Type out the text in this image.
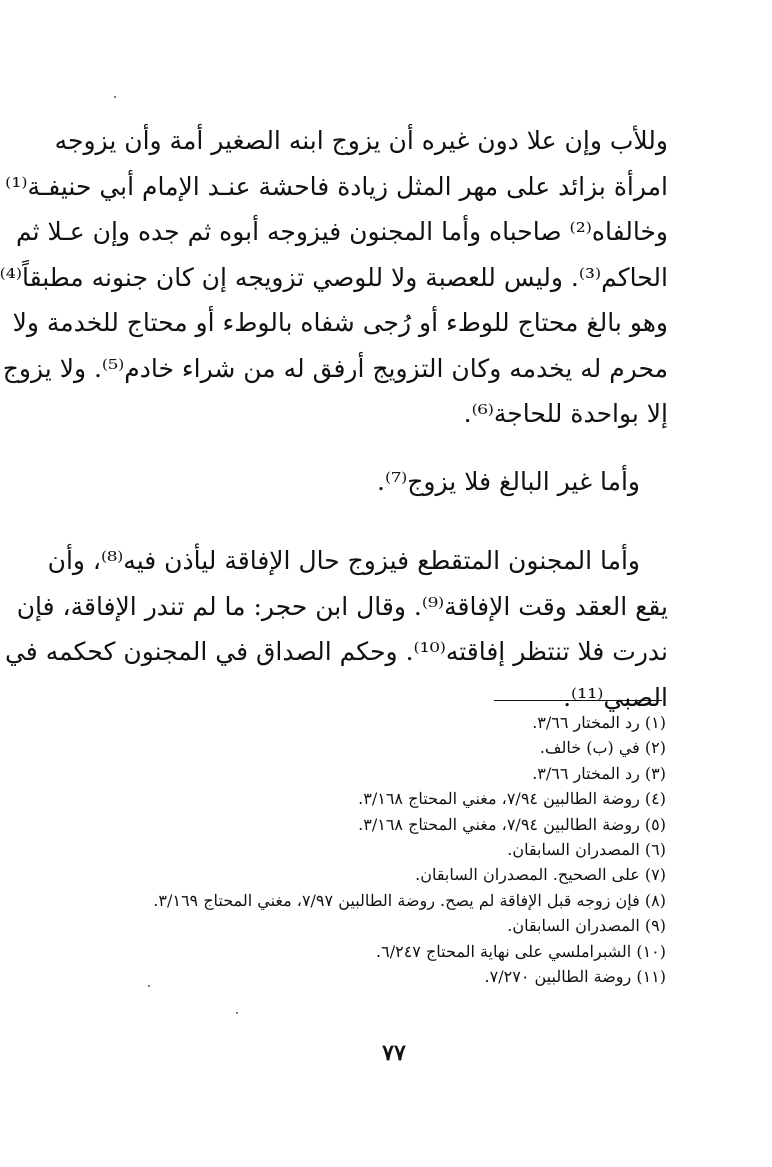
وللأب وإن علا دون غيره أن يزوج ابنه الصغير أمة وأن يزوجه
امرأة بزائد على مهر المثل زيادة فاحشة عنـد الإمام أبي حنيفـة⁽¹⁾
وخالفاه⁽²⁾ صاحباه وأما المجنون فيزوجه أبوه ثم جده وإن عـلا ثم
الحاكم⁽³⁾. وليس للعصبة ولا للوصي تزويجه إن كان جنونه مطبقاً⁽⁴⁾
وهو بالغ محتاج للوطء أو رُجى شفاه بالوطء أو محتاج للخدمة ولا
محرم له يخدمه وكان التزويج أرفق له من شراء خادم⁽⁵⁾. ولا يزوج
إلا بواحدة للحاجة⁽⁶⁾.
وأما غير البالغ فلا يزوج⁽⁷⁾.
وأما المجنون المتقطع فيزوج حال الإفاقة ليأذن فيه⁽⁸⁾، وأن
يقع العقد وقت الإفاقة⁽⁹⁾. وقال ابن حجر: ما لم تندر الإفاقة، فإن
ندرت فلا تنتظر إفاقته⁽¹⁰⁾. وحكم الصداق في المجنون كحكمه في
الصبي⁽¹¹⁾.
(١) رد المختار ٣/٦٦.
(٢) في (ب) خالف.
(٣) رد المختار ٣/٦٦.
(٤) روضة الطالبين ٧/٩٤، مغني المحتاج ٣/١٦٨.
(٥) روضة الطالبين ٧/٩٤، مغني المحتاج ٣/١٦٨.
(٦) المصدران السابقان.
(٧) على الصحيح. المصدران السابقان.
(٨) فإن زوجه قبل الإفاقة لم يصح. روضة الطالبين ٧/٩٧، مغني المحتاج ٣/١٦٩.
(٩) المصدران السابقان.
(١٠) الشبراملسي على نهاية المحتاج ٦/٢٤٧.
(١١) روضة الطالبين ٧/٢٧٠.
٧٧
